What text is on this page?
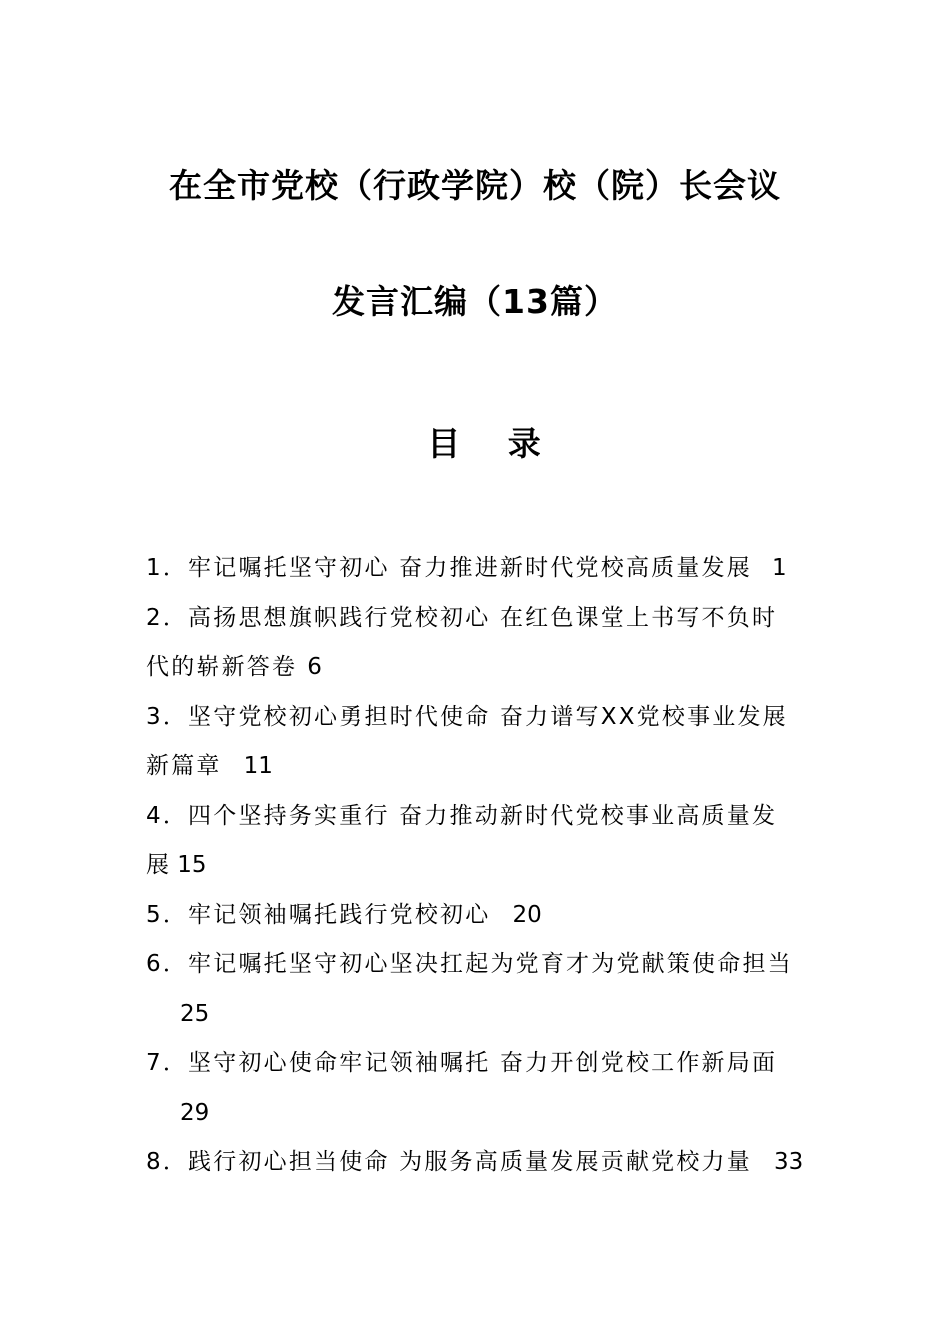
在全市党校（行政学院）校（院）长会议
发言汇编（13篇）
目 录

1．牢记嘱托坚守初心 奋力推进新时代党校高质量发展 1

2．高扬思想旗帜践行党校初心 在红色课堂上书写不负时

代的崭新答卷 6

3．坚守党校初心勇担时代使命 奋力谱写XX党校事业发展

新篇章 11

4．四个坚持务实重行 奋力推动新时代党校事业高质量发

展 15

5．牢记领袖嘱托践行党校初心 20

6．牢记嘱托坚守初心坚决扛起为党育才为党献策使命担当

25

7．坚守初心使命牢记领袖嘱托 奋力开创党校工作新局面

29

8．践行初心担当使命 为服务高质量发展贡献党校力量 33
